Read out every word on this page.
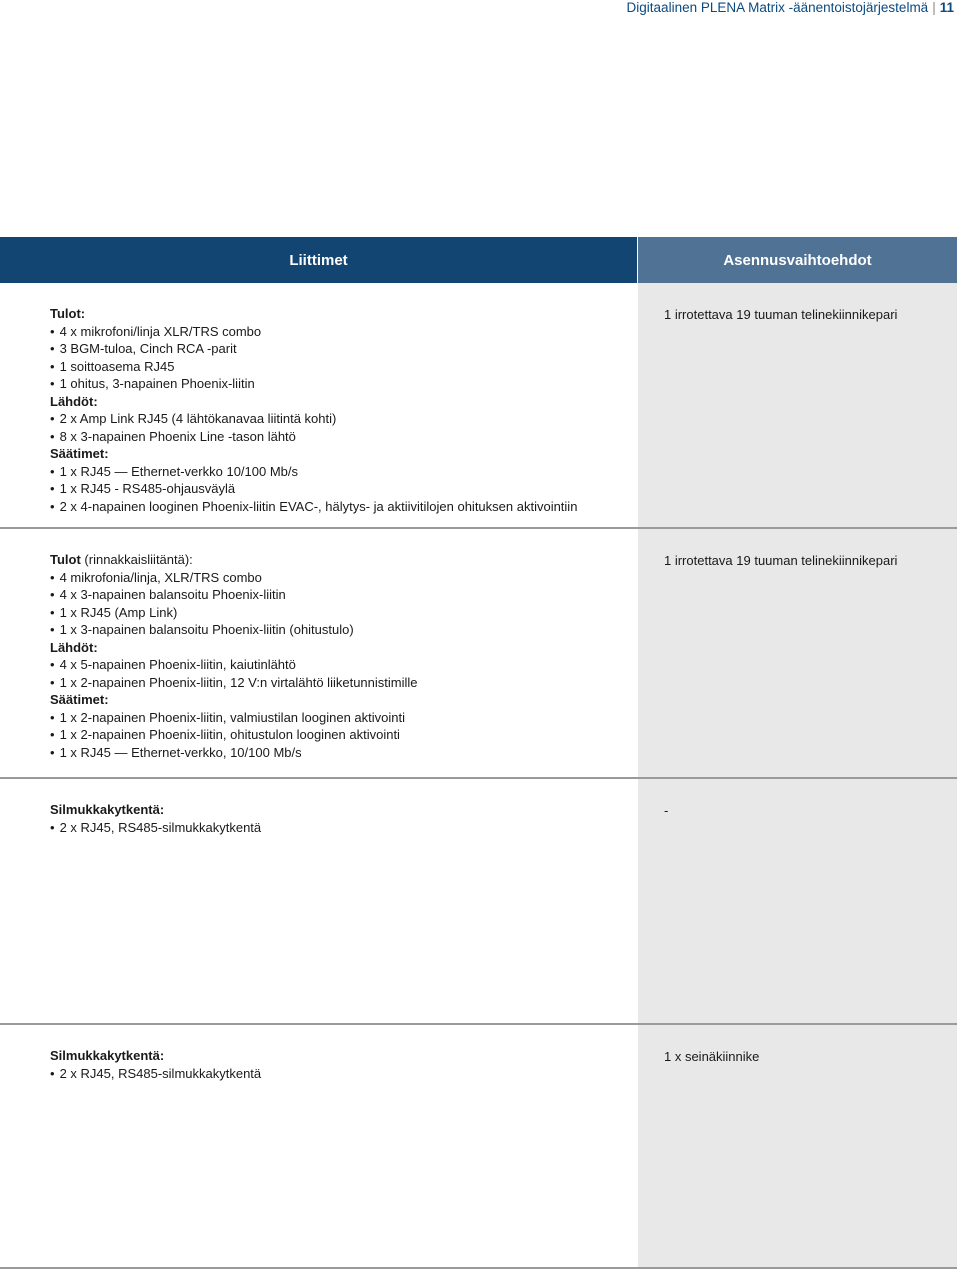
Digitaalinen PLENA Matrix -äänentoistojärjestelmä | 11
Liittimet	Asennusvaihtoehdot
Tulot:
• 4 x mikrofoni/linja XLR/TRS combo
• 3 BGM-tuloa, Cinch RCA -parit
• 1 soittoasema RJ45
• 1 ohitus, 3-napainen Phoenix-liitin
Lähdöt:
• 2 x Amp Link RJ45 (4 lähtökanavaa liitintä kohti)
• 8 x 3-napainen Phoenix Line -tason lähtö
Säätimet:
• 1 x RJ45 — Ethernet-verkko 10/100 Mb/s
• 1 x RJ45 - RS485-ohjausväylä
• 2 x 4-napainen looginen Phoenix-liitin EVAC-, hälytys- ja aktiivitilojen ohituksen aktivointiin
1 irrotettava 19 tuuman telinekiinnikepari
Tulot (rinnakkaisliitäntä):
• 4 mikrofonia/linja, XLR/TRS combo
• 4 x 3-napainen balansoitu Phoenix-liitin
• 1 x RJ45 (Amp Link)
• 1 x 3-napainen balansoitu Phoenix-liitin (ohitustulo)
Lähdöt:
• 4 x 5-napainen Phoenix-liitin, kaiutinlähtö
• 1 x 2-napainen Phoenix-liitin, 12 V:n virtalähtö liiketunnistimille
Säätimet:
• 1 x 2-napainen Phoenix-liitin, valmiustilan looginen aktivointi
• 1 x 2-napainen Phoenix-liitin, ohitustulon looginen aktivointi
• 1 x RJ45 — Ethernet-verkko, 10/100 Mb/s
1 irrotettava 19 tuuman telinekiinnikepari
Silmukkakytkentä:
• 2 x RJ45, RS485-silmukkakytkentä
-
Silmukkakytkentä:
• 2 x RJ45, RS485-silmukkakytkentä
1 x seinäkiinnike
